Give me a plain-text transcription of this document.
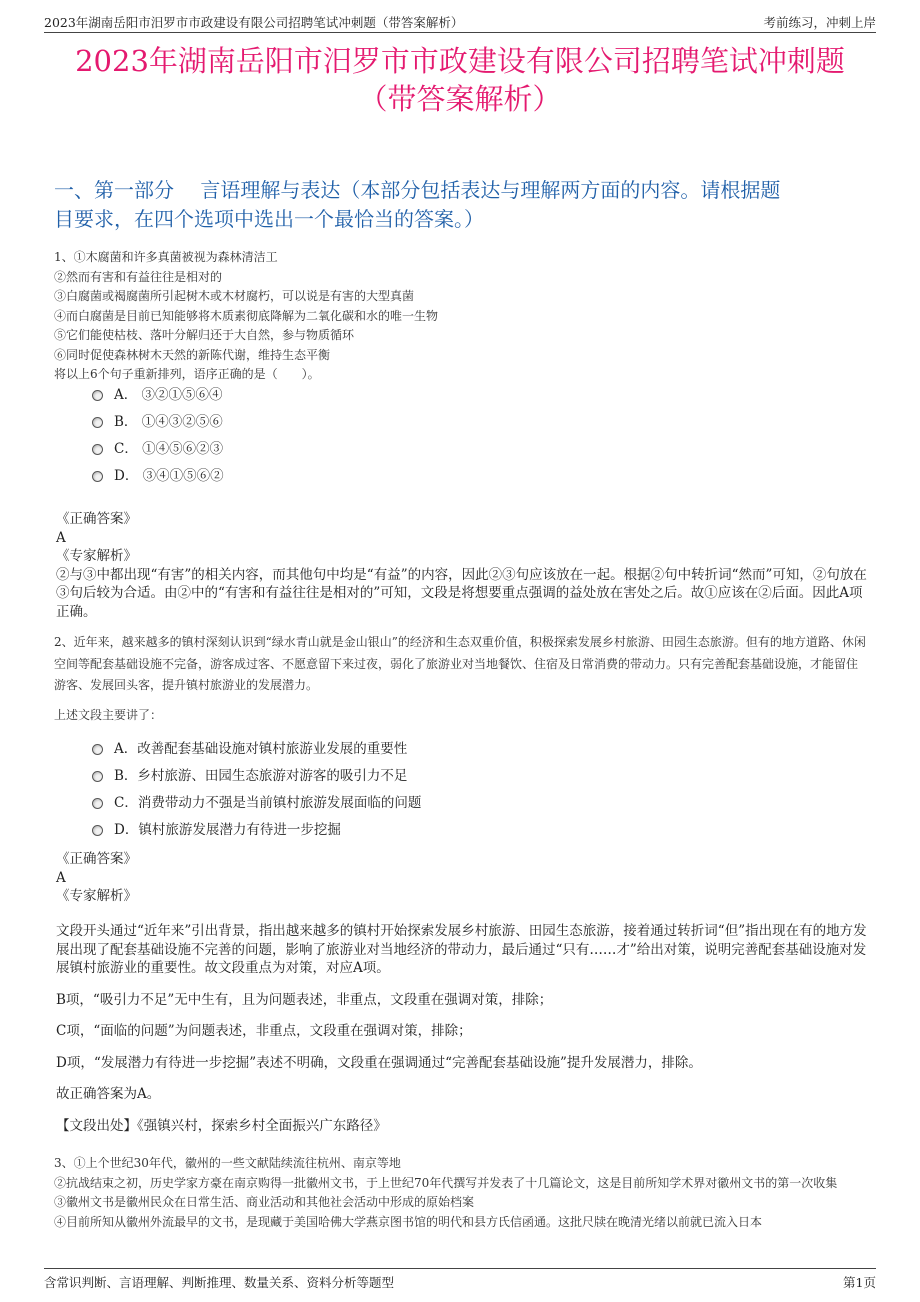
2023年湖南岳阳市汨罗市市政建设有限公司招聘笔试冲刺题（带答案解析）	考前练习，冲刺上岸
2023年湖南岳阳市汨罗市市政建设有限公司招聘笔试冲刺题
（带答案解析）
一、第一部分　 言语理解与表达（本部分包括表达与理解两方面的内容。请根据题
目要求，在四个选项中选出一个最恰当的答案。）
1、①木腐菌和许多真菌被视为森林清洁工
②然而有害和有益往往是相对的
③白腐菌或褐腐菌所引起树木或木材腐朽，可以说是有害的大型真菌
④而白腐菌是目前已知能够将木质素彻底降解为二氧化碳和水的唯一生物
⑤它们能使枯枝、落叶分解归还于大自然，参与物质循环
⑥同时促使森林树木天然的新陈代谢，维持生态平衡
将以上6个句子重新排列，语序正确的是（　　）。
A． ③②①⑤⑥④
B． ①④③②⑤⑥
C． ①④⑤⑥②③
D． ③④①⑤⑥②
《正确答案》
A
《专家解析》
②与③中都出现“有害”的相关内容，而其他句中均是“有益”的内容，因此②③句应该放在一起。根据②句中转折词“然而”可知，②句放在③句后较为合适。由②中的“有害和有益往往是相对的”可知，文段是将想要重点强调的益处放在害处之后。故①应该在②后面。因此A项正确。
2、近年来，越来越多的镇村深刻认识到“绿水青山就是金山银山”的经济和生态双重价值，积极探索发展乡村旅游、田园生态旅游。但有的地方道路、休闲空间等配套基础设施不完备，游客成过客、不愿意留下来过夜，弱化了旅游业对当地餐饮、住宿及日常消费的带动力。只有完善配套基础设施，才能留住游客、发展回头客，提升镇村旅游业的发展潜力。
上述文段主要讲了：
A．改善配套基础设施对镇村旅游业发展的重要性
B．乡村旅游、田园生态旅游对游客的吸引力不足
C．消费带动力不强是当前镇村旅游发展面临的问题
D．镇村旅游发展潜力有待进一步挖掘
《正确答案》
A
《专家解析》

文段开头通过“近年来”引出背景，指出越来越多的镇村开始探索发展乡村旅游、田园生态旅游，接着通过转折词“但”指出现在有的地方发展出现了配套基础设施不完善的问题，影响了旅游业对当地经济的带动力，最后通过“只有……才”给出对策，说明完善配套基础设施对发展镇村旅游业的重要性。故文段重点为对策，对应A项。

B项，“吸引力不足”无中生有，且为问题表述，非重点，文段重在强调对策，排除；

C项，“面临的问题”为问题表述，非重点，文段重在强调对策，排除；

D项，“发展潜力有待进一步挖掘”表述不明确，文段重在强调通过“完善配套基础设施”提升发展潜力，排除。

故正确答案为A。

【文段出处】《强镇兴村，探索乡村全面振兴广东路径》

3、①上个世纪30年代，徽州的一些文献陆续流往杭州、南京等地
②抗战结束之初，历史学家方豪在南京购得一批徽州文书，于上世纪70年代撰写并发表了十几篇论文，这是目前所知学术界对徽州文书的第一次收集
③徽州文书是徽州民众在日常生活、商业活动和其他社会活动中形成的原始档案
④目前所知从徽州外流最早的文书，是现藏于美国哈佛大学燕京图书馆的明代和县方氏信函通。这批尺牍在晚清光绪以前就已流入日本
含常识判断、言语理解、判断推理、数量关系、资料分析等题型	第1页
